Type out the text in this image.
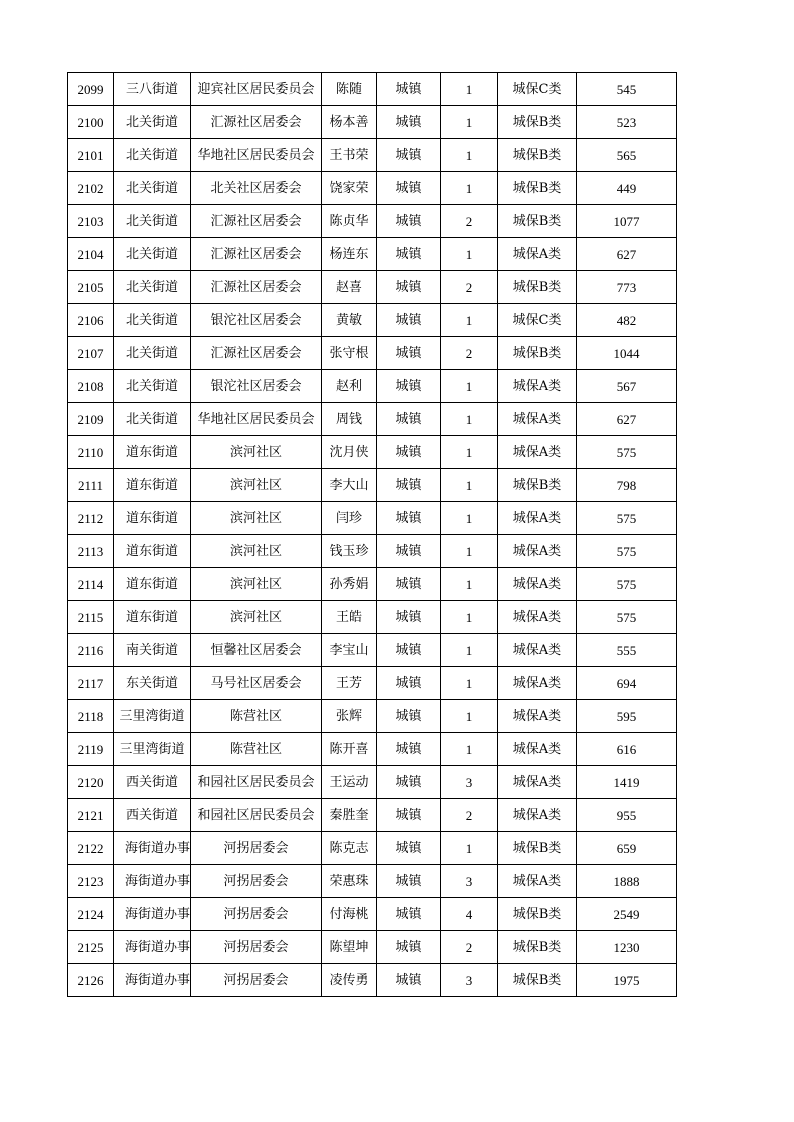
2099	三八街道	迎宾社区居民委员会	陈随	城镇	1	城保C类	545
2100	北关街道	汇源社区居委会	杨本善	城镇	1	城保B类	523
2101	北关街道	华地社区居民委员会	王书荣	城镇	1	城保B类	565
2102	北关街道	北关社区居委会	饶家荣	城镇	1	城保B类	449
2103	北关街道	汇源社区居委会	陈贞华	城镇	2	城保B类	1077
2104	北关街道	汇源社区居委会	杨连东	城镇	1	城保A类	627
2105	北关街道	汇源社区居委会	赵喜	城镇	2	城保B类	773
2106	北关街道	银沱社区居委会	黄敏	城镇	1	城保C类	482
2107	北关街道	汇源社区居委会	张守根	城镇	2	城保B类	1044
2108	北关街道	银沱社区居委会	赵利	城镇	1	城保A类	567
2109	北关街道	华地社区居民委员会	周钱	城镇	1	城保A类	627
2110	道东街道	滨河社区	沈月侠	城镇	1	城保A类	575
2111	道东街道	滨河社区	李大山	城镇	1	城保B类	798
2112	道东街道	滨河社区	闫珍	城镇	1	城保A类	575
2113	道东街道	滨河社区	钱玉珍	城镇	1	城保A类	575
2114	道东街道	滨河社区	孙秀娟	城镇	1	城保A类	575
2115	道东街道	滨河社区	王皓	城镇	1	城保A类	575
2116	南关街道	恒馨社区居委会	李宝山	城镇	1	城保A类	555
2117	东关街道	马号社区居委会	王芳	城镇	1	城保A类	694
2118	三里湾街道	陈营社区	张辉	城镇	1	城保A类	595
2119	三里湾街道	陈营社区	陈开喜	城镇	1	城保A类	616
2120	西关街道	和园社区居民委员会	王运动	城镇	3	城保A类	1419
2121	西关街道	和园社区居民委员会	秦胜奎	城镇	2	城保A类	955
2122	海街道办事	河拐居委会	陈克志	城镇	1	城保B类	659
2123	海街道办事	河拐居委会	荣惠珠	城镇	3	城保A类	1888
2124	海街道办事	河拐居委会	付海桃	城镇	4	城保B类	2549
2125	海街道办事	河拐居委会	陈望坤	城镇	2	城保B类	1230
2126	海街道办事	河拐居委会	凌传勇	城镇	3	城保B类	1975
